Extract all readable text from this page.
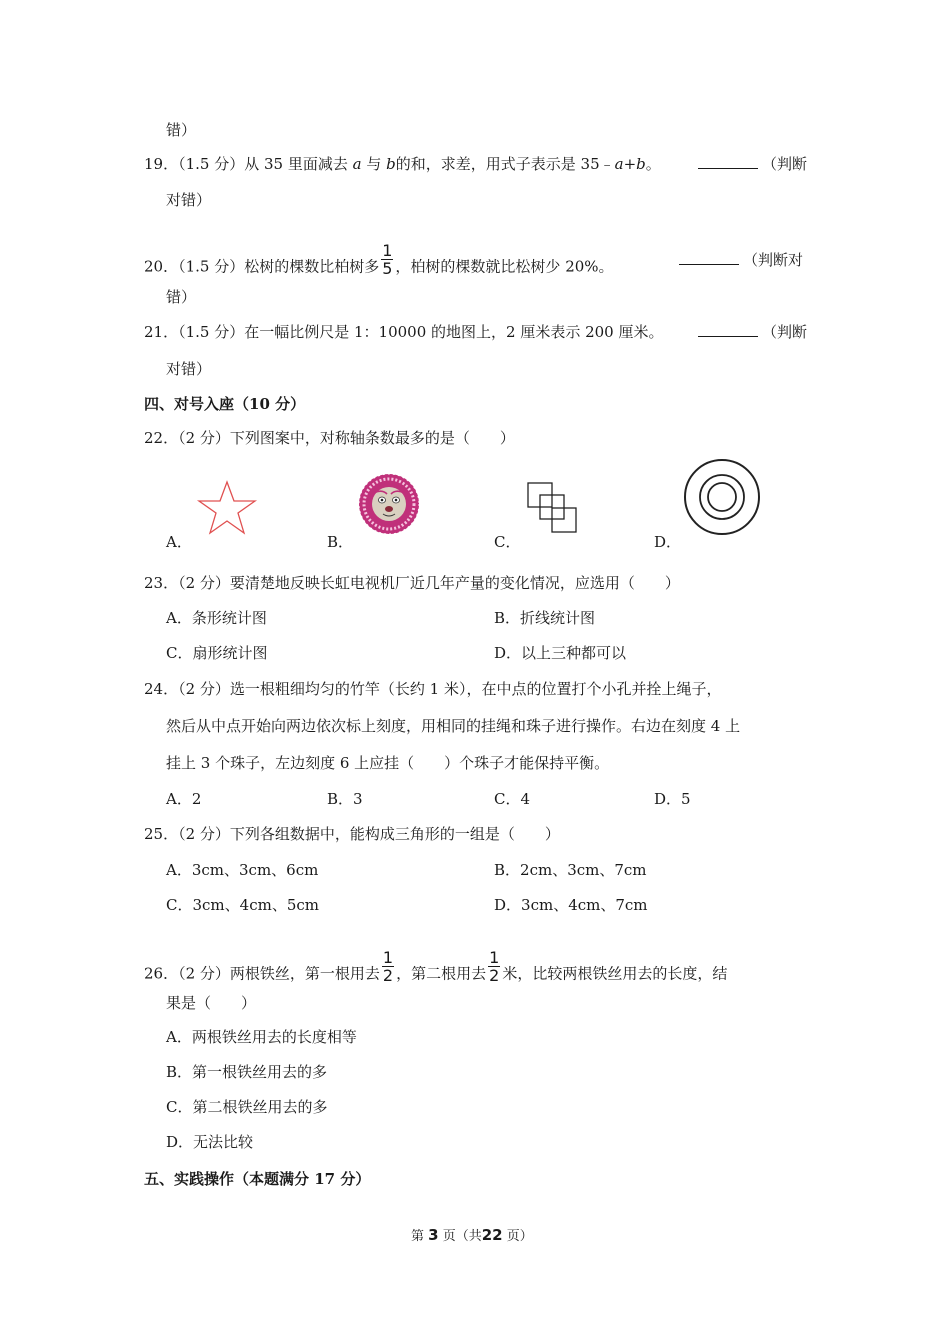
错）
19．（1.5 分）从 35 里面减去 a 与 b的和，求差，用式子表示是 35﹣a+b。	（判断
对错）
20．（1.5 分）松树的棵数比柏树多 $\frac{1}{5}$ ，柏树的棵数就比松树少 20%。	（判断对
错）
21．（1.5 分）在一幅比例尺是 1：10000 的地图上，2 厘米表示 200 厘米。	（判断
对错）
四、对号入座（10 分）
22．（2 分）下列图案中，对称轴条数最多的是（　　）
A．	B．	C．	D．
23．（2 分）要清楚地反映长虹电视机厂近几年产量的变化情况，应选用（　　）
A．条形统计图	B．折线统计图
C．扇形统计图	D．以上三种都可以
24．（2 分）选一根粗细均匀的竹竿（长约 1 米），在中点的位置打个小孔并拴上绳子，
然后从中点开始向两边依次标上刻度，用相同的挂绳和珠子进行操作。右边在刻度 4 上
挂上 3 个珠子，左边刻度 6 上应挂（　　）个珠子才能保持平衡。
A．2	B．3	C．4	D．5
25．（2 分）下列各组数据中，能构成三角形的一组是（　　）
A．3cm、3cm、6cm	B．2cm、3cm、7cm
C．3cm、4cm、5cm	D．3cm、4cm、7cm
26．（2 分）两根铁丝，第一根用去 $\frac{1}{2}$ ，第二根用去 $\frac{1}{2}$ 米，比较两根铁丝用去的长度，结
果是（　　）
A．两根铁丝用去的长度相等
B．第一根铁丝用去的多
C．第二根铁丝用去的多
D．无法比较
五、实践操作（本题满分 17 分）
第 3 页（共22 页）
